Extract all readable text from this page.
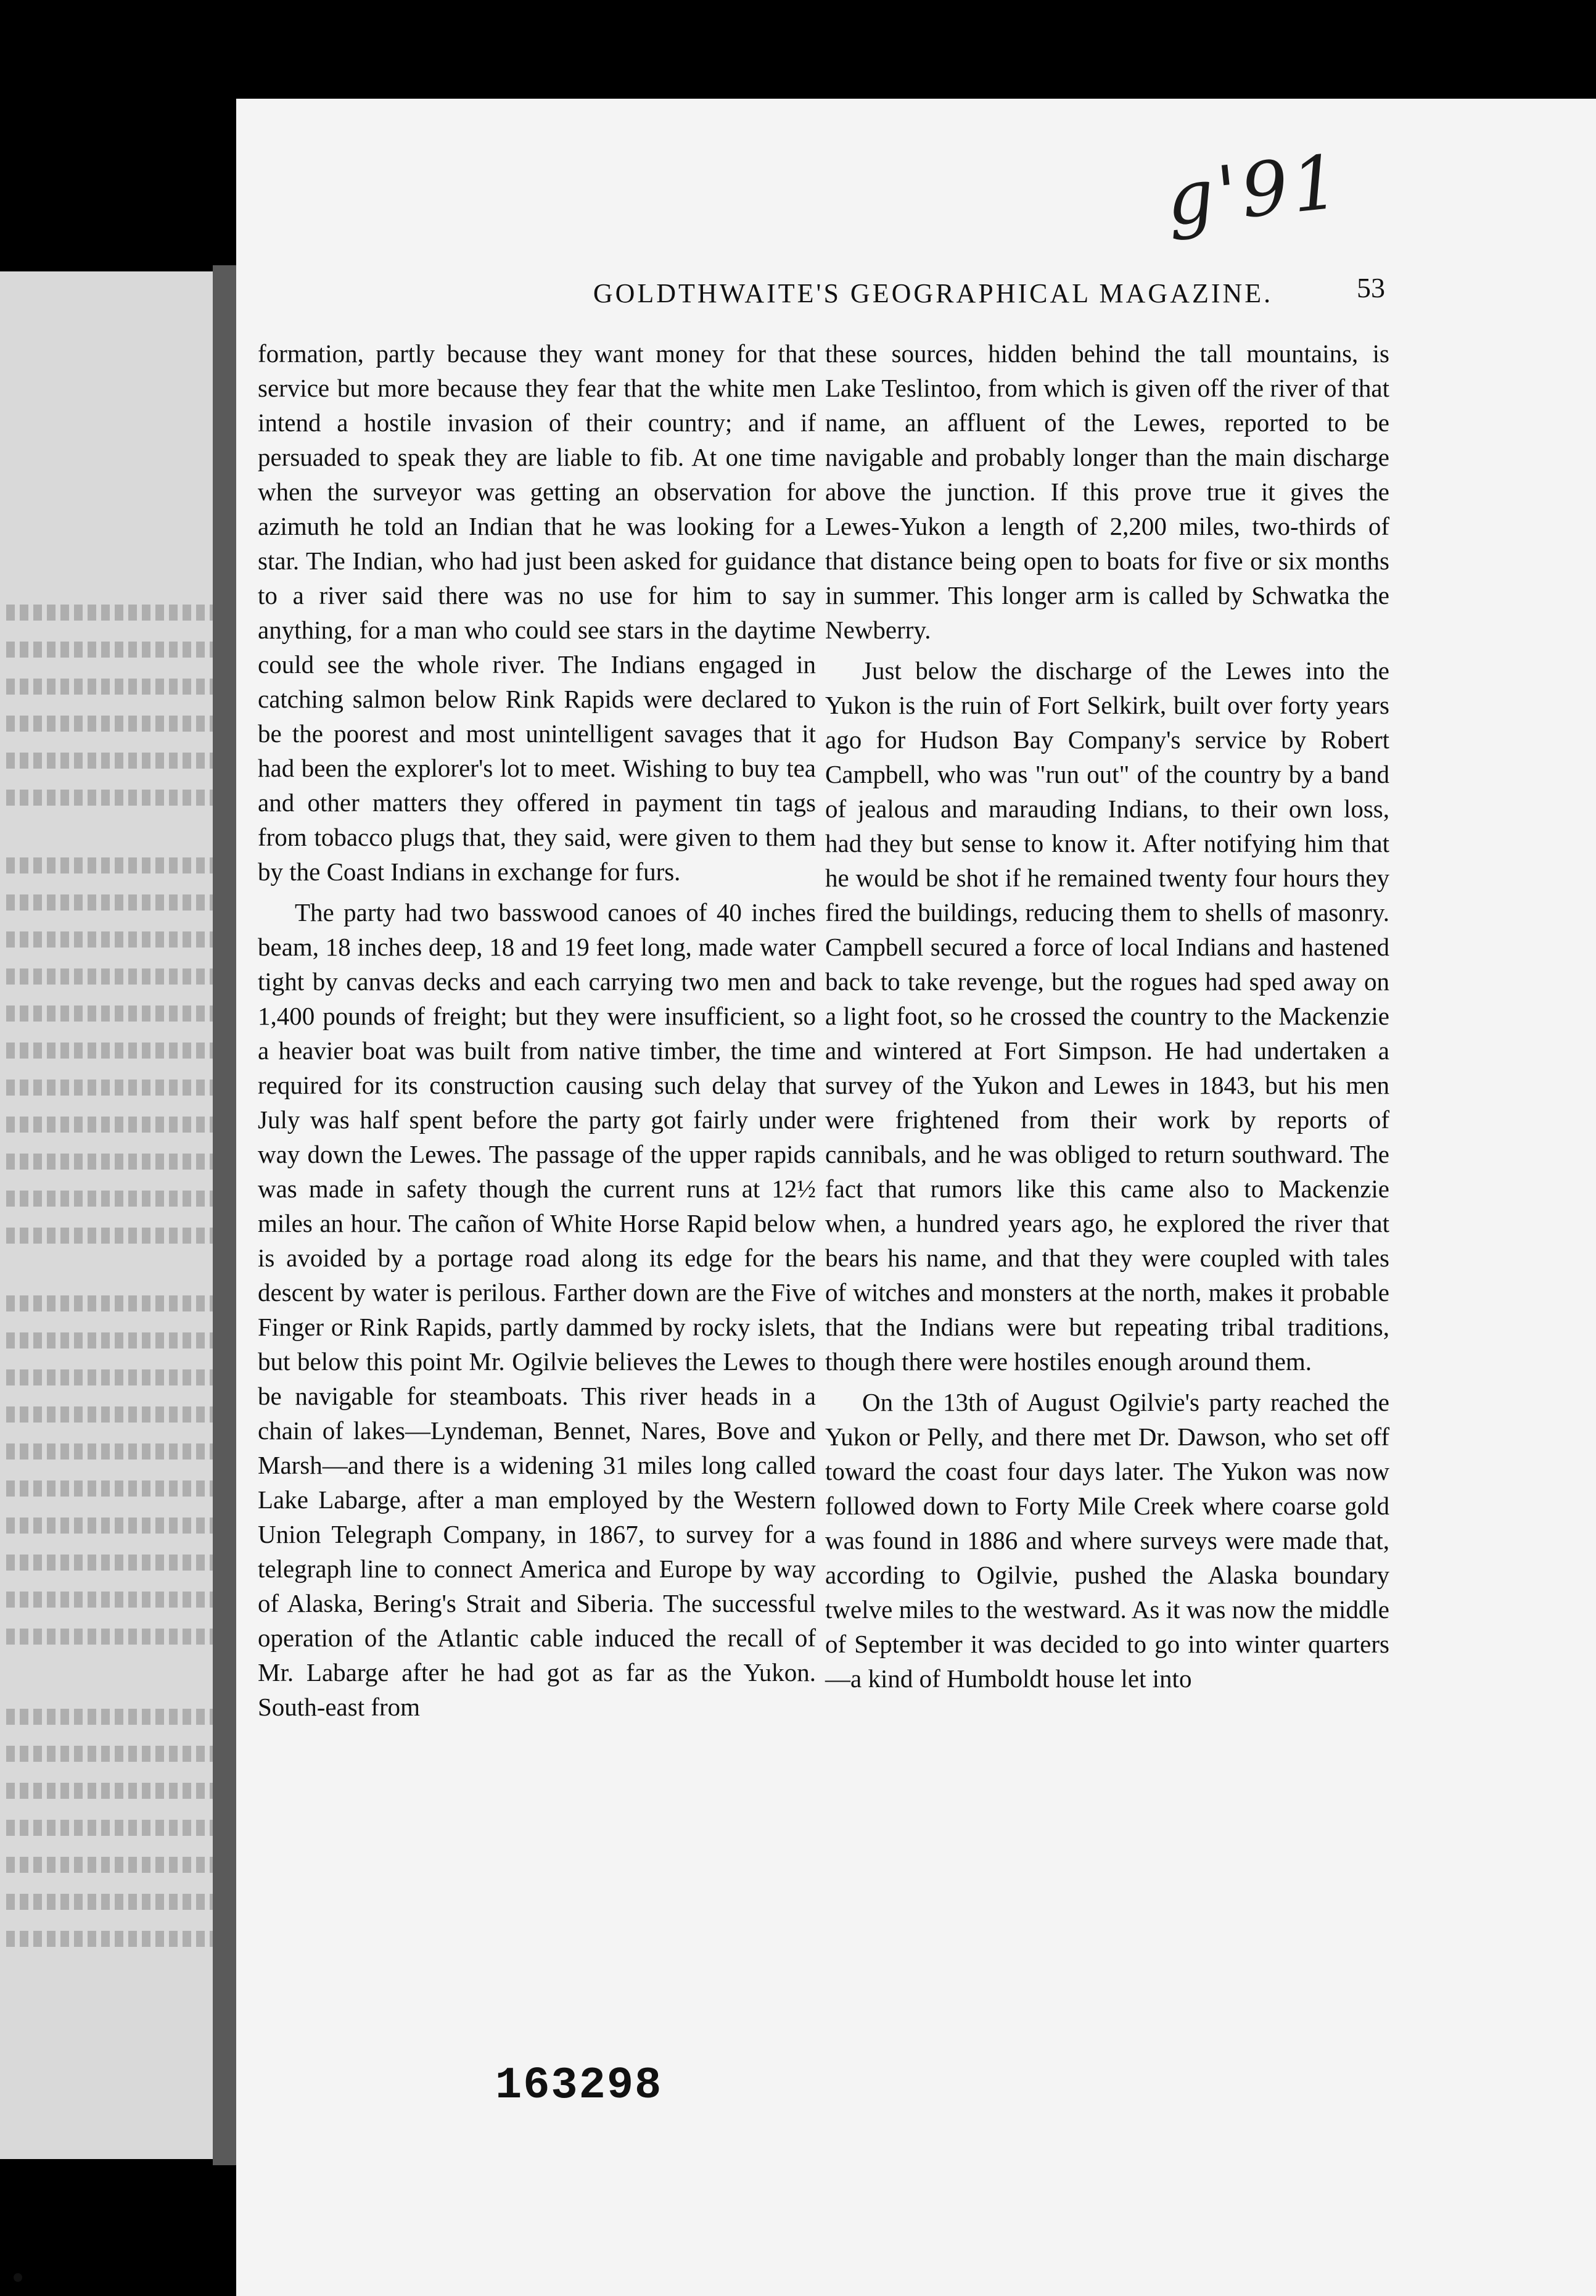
g'91
GOLDTHWAITE'S GEOGRAPHICAL MAGAZINE.	53

formation, partly because they want money for that service but more because they fear that the white men intend a hostile invasion of their country; and if persuaded to speak they are liable to fib. At one time when the surveyor was getting an observation for azimuth he told an Indian that he was looking for a star. The Indian, who had just been asked for guidance to a river said there was no use for him to say anything, for a man who could see stars in the daytime could see the whole river. The Indians engaged in catching salmon below Rink Rapids were declared to be the poorest and most unintelligent savages that it had been the explorer's lot to meet. Wishing to buy tea and other matters they offered in payment tin tags from tobacco plugs that, they said, were given to them by the Coast Indians in exchange for furs.

The party had two basswood canoes of 40 inches beam, 18 inches deep, 18 and 19 feet long, made water tight by canvas decks and each carrying two men and 1,400 pounds of freight; but they were insufficient, so a heavier boat was built from native timber, the time required for its construction causing such delay that July was half spent before the party got fairly under way down the Lewes. The passage of the upper rapids was made in safety though the current runs at 12½ miles an hour. The cañon of White Horse Rapid below is avoided by a portage road along its edge for the descent by water is perilous. Farther down are the Five Finger or Rink Rapids, partly dammed by rocky islets, but below this point Mr. Ogilvie believes the Lewes to be navigable for steamboats. This river heads in a chain of lakes—Lyndeman, Bennet, Nares, Bove and Marsh—and there is a widening 31 miles long called Lake Labarge, after a man employed by the Western Union Telegraph Company, in 1867, to survey for a telegraph line to connect America and Europe by way of Alaska, Bering's Strait and Siberia. The successful operation of the Atlantic cable induced the recall of Mr. Labarge after he had got as far as the Yukon. South-east from

these sources, hidden behind the tall mountains, is Lake Teslintoo, from which is given off the river of that name, an affluent of the Lewes, reported to be navigable and probably longer than the main discharge above the junction. If this prove true it gives the Lewes-Yukon a length of 2,200 miles, two-thirds of that distance being open to boats for five or six months in summer. This longer arm is called by Schwatka the Newberry.

Just below the discharge of the Lewes into the Yukon is the ruin of Fort Selkirk, built over forty years ago for Hudson Bay Company's service by Robert Campbell, who was "run out" of the country by a band of jealous and marauding Indians, to their own loss, had they but sense to know it. After notifying him that he would be shot if he remained twenty four hours they fired the buildings, reducing them to shells of masonry. Campbell secured a force of local Indians and hastened back to take revenge, but the rogues had sped away on a light foot, so he crossed the country to the Mackenzie and wintered at Fort Simpson. He had undertaken a survey of the Yukon and Lewes in 1843, but his men were frightened from their work by reports of cannibals, and he was obliged to return southward. The fact that rumors like this came also to Mackenzie when, a hundred years ago, he explored the river that bears his name, and that they were coupled with tales of witches and monsters at the north, makes it probable that the Indians were but repeating tribal traditions, though there were hostiles enough around them.

On the 13th of August Ogilvie's party reached the Yukon or Pelly, and there met Dr. Dawson, who set off toward the coast four days later. The Yukon was now followed down to Forty Mile Creek where coarse gold was found in 1886 and where surveys were made that, according to Ogilvie, pushed the Alaska boundary twelve miles to the westward. As it was now the middle of September it was decided to go into winter quarters—a kind of Humboldt house let into

163298
